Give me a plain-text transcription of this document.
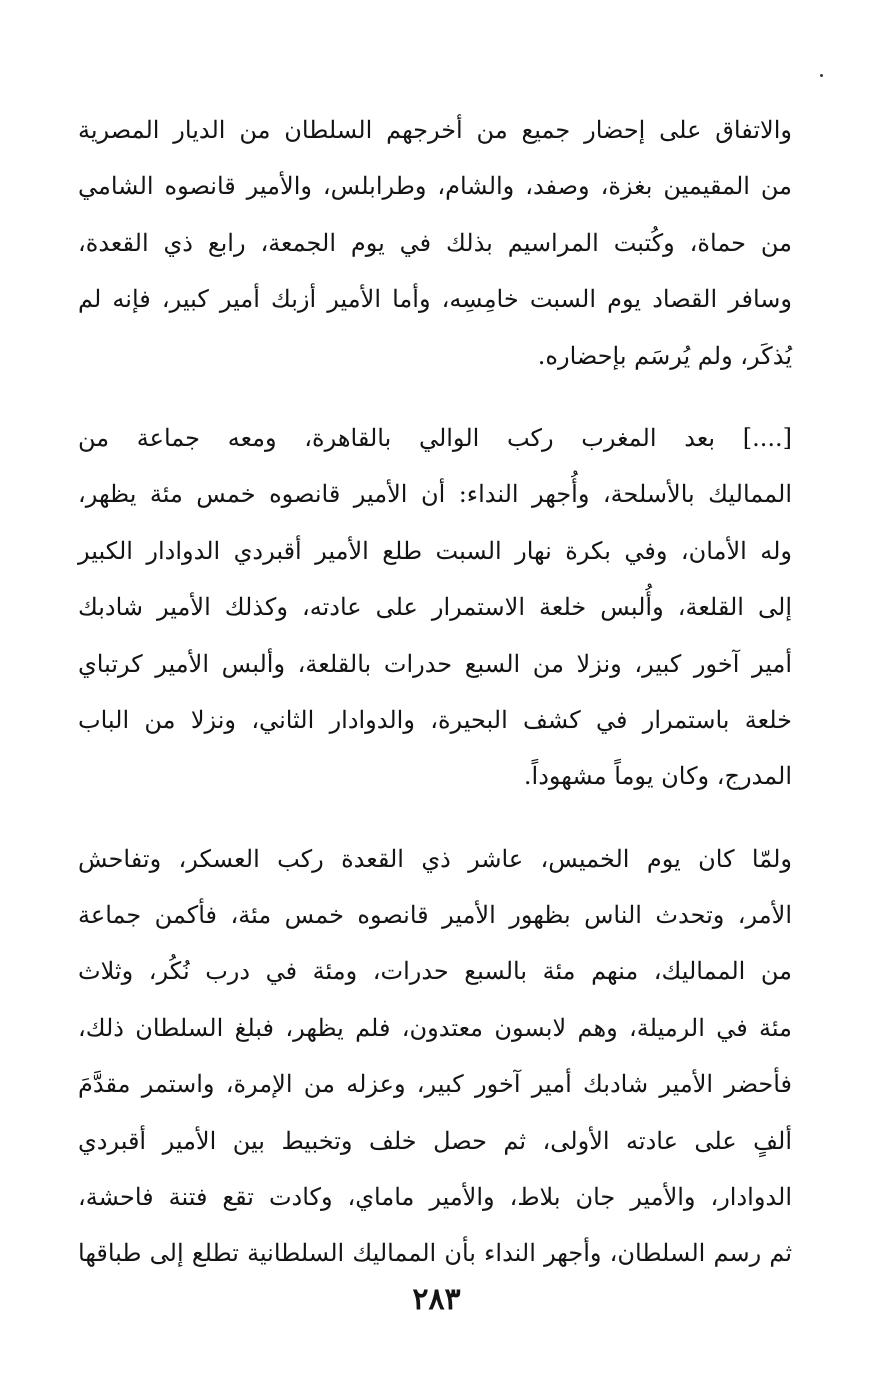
والاتفاق على إحضار جميع من أخرجهم السلطان من الديار المصرية
من المقيمين بغزة، وصفد، والشام، وطرابلس، والأمير قانصوه الشامي
من حماة، وكُتبت المراسيم بذلك في يوم الجمعة، رابع ذي القعدة،
وسافر القصاد يوم السبت خامِسِه، وأما الأمير أزبك أمير كبير، فإنه لم
يُذكَر، ولم يُرسَم بإحضاره.

[....] بعد المغرب ركب الوالي بالقاهرة، ومعه جماعة من
المماليك بالأسلحة، وأُجهر النداء: أن الأمير قانصوه خمس مئة يظهر،
وله الأمان، وفي بكرة نهار السبت طلع الأمير أقبردي الدوادار الكبير
إلى القلعة، وأُلبس خلعة الاستمرار على عادته، وكذلك الأمير شادبك
أمير آخور كبير، ونزلا من السبع حدرات بالقلعة، وألبس الأمير كرتباي
خلعة باستمرار في كشف البحيرة، والدوادار الثاني، ونزلا من الباب
المدرج، وكان يوماً مشهوداً.

ولمّا كان يوم الخميس، عاشر ذي القعدة ركب العسكر، وتفاحش
الأمر، وتحدث الناس بظهور الأمير قانصوه خمس مئة، فأكمن جماعة
من المماليك، منهم مئة بالسبع حدرات، ومئة في درب نُكُر، وثلاث
مئة في الرميلة، وهم لابسون معتدون، فلم يظهر، فبلغ السلطان ذلك،
فأحضر الأمير شادبك أمير آخور كبير، وعزله من الإمرة، واستمر مقدَّمَ
ألفٍ على عادته الأولى، ثم حصل خلف وتخبيط بين الأمير أقبردي
الدوادار، والأمير جان بلاط، والأمير ماماي، وكادت تقع فتنة فاحشة،
ثم رسم السلطان، وأجهر النداء بأن المماليك السلطانية تطلع إلى طباقها

٢٨٣
